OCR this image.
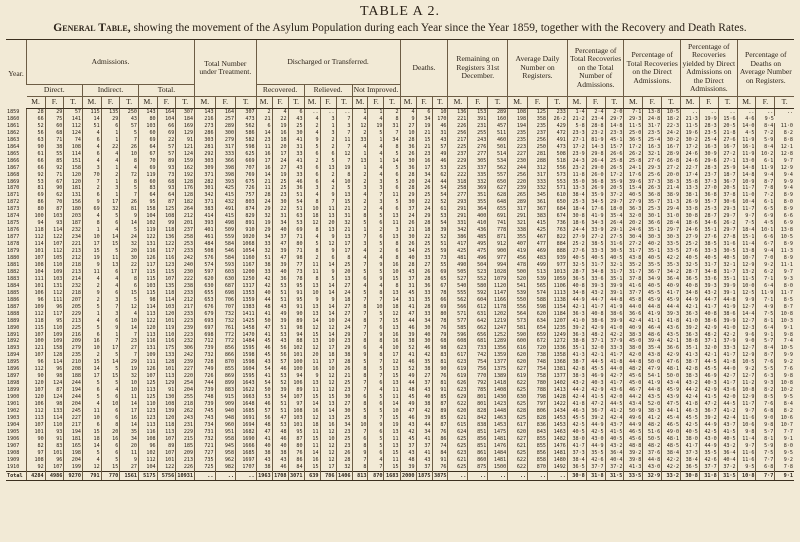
TABLE A 2.
General Table, showing the movement of the Asylum Population during each Year since the Year 1859, together with the Recovery and Death Rates.
Year.	Admissions.									Total Number under Treatment.			Discharged or Transferred.									Deaths.			Remaining on Registers 31st December.			Average Daily Number on Registers.			Percentage of Total Recoveries on the Total Number of Admissions.			Percentage of Total Recoveries on the Direct Admissions.			Percentage of Recoveries yielded by Direct Admissions on the Direct Admissions.			Percentage of Deaths on Average Number on Registers.		
	Direct.			Indirect.			Total.						Recovered.			Relieved.			Not Improved.																							

	M.	F.	T.	M.	F.	T.	M.	F.	T.	M.	F.	T.	M.	F.	T.	M.	F.	T.	M.	F.	T.	M.	F.	T.	M.	F.	T.	M.	F.	T.	M.	F.	T.	M.	F.	T.	M.	F.	T.	M.	F.	T.
1859	28	29	57	115	135	250	143	164	307	143	164	307	2	4	6	..	..	..	1	1	2	4	6	10	136	153	289	108	125	233	1·4	2·4	2·0	7·1	13·8	10·5	..	..	..	..	..	..
1860	66	75	141	14	29	43	80	104	184	216	257	473	21	22	43	4	3	7	4	4	8	9	34	170	221	391	160	198	358	26·2	21·2	23·4	29·7	29·3	24·8	18·2	21·3	19·9	15·6	4·6	9·5	
1861	52	60	112	51	6	57	103	66	169	273	289	562	6	19	25	2	1	3	12	19	31	27	19	46	226	231	457	194	235	429	5·8	28·8	14·8	11·5	31·7	22·3	11·5	28·3	20·5	14·0	8·4	11·0
1862	56	68	124	4	1	5	60	69	129	286	300	586	14	16	30	4	3	7	2	5	7	10	21	31	256	255	511	235	237	472	23·3	23·2	23·3	25·0	23·5	24·2	19·6	23·5	21·8	4·5	7·2	8·2
1863	63	71	74	6	1	7	69	22	91	303	279	582	23	18	41	9	2	11	33	1	34	28	15	43	217	243	460	235	256	491	27·1	81·9	45·1	36·5	25·4	30·2	30·2	25·4	27·6	11·9	5·9	8·8
1864	90	38	108	4	22	26	64	57	121	281	317	598	11	20	31	5	2	7	4	4	8	36	21	57	225	276	501	223	250	473	17·2	14·3	15·7	17·2	16·3	16·7	17·2	16·3	16·7	16·1	8·4	12·1
1865	61	55	114	6	4	10	67	57	124	292	333	625	16	17	33	6	6	12	1	4	5	26	23	49	237	277	514	227	281	508	23·9	29·8	26·6	26·2	32·1	28·9	24·6	30·9	27·2	11·9	10·2	12·8
1866	66	85	151	4	4	8	70	89	159	303	366	669	17	24	41	2	5	7	13	1	14	30	16	46	229	305	534	230	288	518	24·3	26·4	25·8	25·8	27·6	26·8	24·6	29·6	27·1	13·0	6·1	9·7
1867	66	92	158	3	1	4	69	93	162	309	398	707	16	27	43	6	13	19	1	4	5	36	17	53	225	337	562	244	312	556	23·2	29·0	26·5	24·1	29·3	27·2	22·7	28·3	25·9	14·8	11·9	12·9
1868	92	71	120	70	2	72	119	73	192	371	398	769	14	19	33	6	2	8	2	4	6	28	34	62	222	335	557	256	317	573	11·8	26·0	17·2	17·6	25·6	20·0	17·4	23·7	18·7	14·8	9·4	9·4
1869	53	67	120	7	1	8	60	68	128	282	393	675	21	25	46	6	4	10	2	3	5	20	24	44	318	332	650	220	333	553	35·0	36·8	35·9	39·6	37·3	38·3	35·8	37·3	36·7	10·9	8·7	9·9
1870	81	90	181	2	3	5	83	93	176	301	425	726	11	25	36	3	2	5	3	3	6	28	26	54	258	369	627	239	332	571	13·3	26·9	20·5	15·4	26·3	21·4	13·3	27·0	20·5	11·7	7·8	9·4
1871	69	62	131	6	1	7	64	64	128	342	415	757	28	23	51	4	9	13	4	7	11	29	25	54	277	351	628	265	345	610	38·4	35·9	37·2	40·5	36·8	38·9	38·1	36·8	37·8	11·0	7·2	8·9
1872	86	70	156	9	17	26	95	87	182	371	432	803	24	30	54	8	7	15	2	3	5	30	22	52	293	355	648	289	361	650	25·3	34·5	29·7	27·9	35·7	31·3	26·9	35·7	30·6	10·4	6·1	8·0
1873	80	87	180	69	32	81	158	125	264	383	491	874	29	22	51	10	11	21	2	4	6	37	24	61	291	364	655	317	367	684	18·4	17·6	18·0	36·3	25·3	29·4	33·8	25·3	29·3	11·7	6·5	8·9
1874	100	103	203	4	5	9	104	108	212	414	415	829	32	31	63	18	13	31	8	5	13	24	29	53	291	400	691	291	383	674	30·8	41·9	35·4	32·0	30·1	31·0	30·8	28·7	29·7	9·7	6·9	6·6
1875	94	93	187	8	6	14	102	99	201	393	498	891	19	34	53	12	20	32	5	6	11	26	28	54	331	410	741	321	415	736	18·6	34·3	26·4	20·2	36·6	28·4	18·6	34·6	26·2	7·5	4·5	6·9
1876	118	114	232	1	4	5	119	118	237	401	509	910	29	40	69	8	13	21	1	2	3	21	18	39	342	436	778	338	425	763	24·4	33·9	29·1	24·6	35·1	29·7	24·6	35·1	29·7	18·4	10·1	13·8
1877	112	122	234	10	14	24	122	136	258	461	559	1020	34	37	71	4	9	13	7	6	13	30	22	52	386	485	871	355	467	822	27·9	27·2	27·5	30·4	30·3	30·3	27·9	27·6	27·8	15·1	6·6	10·5
1878	114	107	221	17	15	32	131	122	253	484	584	1068	33	47	80	5	12	17	3	5	8	26	25	51	417	495	912	407	477	884	25·2	38·5	31·6	27·2	40·2	33·5	25·2	38·5	31·6	11·4	6·7	8·9
1879	101	112	213	15	5	20	116	117	233	508	546	1054	32	39	71	8	9	17	4	2	6	34	25	59	425	475	900	419	469	888	27·6	33·3	30·5	31·7	35·1	33·5	27·6	33·3	30·5	13·8	9·4	11·3
1880	107	105	212	19	11	30	126	116	242	576	584	1160	51	47	98	2	6	8	4	4	8	40	33	73	481	496	977	456	483	939	40·5	40·5	40·5	43·8	40·5	42·2	40·5	40·5	40·5	10·7	7·0	8·9
1881	108	110	218	9	13	22	117	123	240	574	593	1167	38	39	77	11	14	25	7	9	16	28	27	55	490	504	994	478	499	977	32·5	31·7	32·1	35·2	35·5	35·3	32·5	31·7	32·1	12·9	9·2	11·1
1882	104	109	213	11	6	17	115	115	230	597	603	1200	33	40	73	11	9	20	5	5	10	43	26	69	505	523	1028	500	513	1013	28·7	34·8	31·7	31·7	36·7	34·2	28·7	34·8	31·7	13·2	6·2	9·7
1883	111	103	214	4	4	8	115	107	222	620	630	1250	42	36	78	8	5	13	6	9	15	37	28	65	527	552	1079	520	539	1059	36·5	33·6	35·1	37·8	34·9	36·4	36·5	33·6	35·1	11·5	7·1	9·3
1884	101	131	232	2	4	6	103	135	238	630	687	1317	42	53	95	13	14	27	4	4	8	31	36	67	540	580	1120	541	565	1106	40·8	39·3	39·9	41·6	40·5	40·9	40·8	39·3	39·9	10·0	6·4	8·0
1885	106	112	218	9	6	15	115	118	233	655	698	1353	40	51	91	10	14	24	5	8	13	45	33	78	555	592	1147	539	574	1113	34·8	43·2	39·1	37·7	45·5	41·7	34·8	43·2	39·1	12·5	11·9	11·7
1886	96	111	207	2	3	5	98	114	212	653	706	1359	44	51	95	9	9	18	7	7	14	31	35	66	562	604	1166	550	588	1138	44·9	44·7	44·8	45·8	45·9	45·9	44·9	44·7	44·8	9·9	7·1	8·5
1887	109	96	205	5	7	12	114	103	217	676	707	1383	48	43	91	13	14	27	8	10	18	41	28	69	566	612	1178	556	598	1154	42·1	41·7	41·9	44·0	44·8	44·4	42·1	41·7	41·9	12·7	4·9	8·7
1888	112	117	229	1	3	4	113	120	233	679	732	1411	41	49	90	13	14	27	7	5	12	47	33	80	571	631	1202	564	620	1184	36·3	40·8	38·6	36·6	41·9	39·3	36·3	40·8	38·6	14·4	7·5	10·8
1889	118	95	213	4	6	10	122	101	223	693	732	1425	50	39	89	14	10	24	8	7	15	44	34	78	577	642	1219	573	634	1207	41·0	38·6	39·9	42·4	41·1	41·8	41·0	38·6	39·9	12·7	8·1	10·3
1890	115	110	225	5	9	14	120	119	239	697	761	1458	47	51	98	12	12	24	7	6	13	46	30	76	585	662	1247	581	654	1235	39·2	42·9	41·0	40·9	46·4	43·6	39·2	42·9	41·0	12·3	6·4	9·1
1891	107	109	216	6	1	7	113	110	223	698	772	1470	41	53	94	15	14	29	7	9	16	39	40	79	596	656	1252	590	659	1249	36·3	48·2	42·2	38·3	48·6	43·5	36·3	48·2	42·2	9·6	9·1	9·8
1892	100	109	209	16	7	23	116	116	232	712	772	1484	45	43	88	13	10	23	8	8	16	38	30	68	608	681	1289	600	672	1272	38·8	37·1	37·9	45·0	39·4	42·1	38·8	37·1	37·9	9·0	5·7	7·4
1893	121	158	279	10	17	27	131	175	306	739	856	1595	46	56	102	12	17	29	6	4	10	52	46	98	623	733	1356	616	720	1336	35·1	32·0	33·3	38·0	35·4	36·6	35·1	32·0	33·3	12·7	8·4	10·5
1894	107	128	235	2	5	7	109	133	242	732	866	1598	45	56	101	20	18	38	9	8	17	41	42	83	617	742	1359	620	738	1358	41·3	42·1	41·7	42·0	43·8	42·9	41·3	42·1	41·7	12·9	8·7	9·9
1895	96	114	210	15	14	29	111	128	239	728	870	1598	43	57	100	11	17	28	5	7	12	46	35	81	623	754	1377	620	748	1368	38·7	44·5	41·8	44·8	50·0	47·6	38·7	44·5	41·8	10·5	7·6	9·2
1896	112	96	208	14	5	19	126	101	227	749	855	1604	54	46	100	16	10	26	8	5	13	52	38	90	619	756	1375	627	754	1381	42·8	45·5	44·0	48·2	47·9	48·1	42·8	45·5	44·0	9·2	5·5	7·6
1897	90	98	188	17	15	32	107	113	220	726	869	1595	41	53	94	9	12	21	8	7	15	49	27	76	619	770	1389	619	758	1377	38·3	46·9	42·7	45·6	54·1	50·0	38·3	46·9	42·7	12·7	6·3	9·8
1898	120	124	244	5	5	10	125	129	254	744	899	1643	54	52	106	13	12	25	7	6	13	44	37	81	626	792	1418	622	780	1402	43·2	40·3	41·7	45·0	41·9	43·4	43·2	40·3	41·7	11·2	9·3	10·8
1899	107	87	194	6	4	10	113	91	204	739	883	1622	50	39	89	11	12	23	7	4	11	48	43	91	623	785	1408	625	788	1413	44·2	42·9	43·6	46·7	44·8	45·9	44·2	42·9	43·6	10·8	8·2	10·2
1900	120	124	244	5	6	11	125	130	255	748	915	1663	53	54	107	15	15	30	6	5	11	45	40	85	629	801	1430	630	798	1428	42·4	41·5	42·0	44·2	43·5	43·9	42·4	41·5	42·0	12·9	8·5	9·5
1901	106	98	204	4	10	14	110	108	218	739	909	1648	46	51	97	14	13	27	8	6	14	49	38	87	622	801	1423	625	797	1422	41·8	47·2	44·5	43·4	52·0	47·5	41·8	47·2	44·5	11·7	7·6	8·4
1902	112	133	245	11	6	17	123	139	262	745	940	1685	57	51	108	16	14	30	5	5	10	47	42	89	620	828	1448	628	806	1434	46·3	36·7	41·2	50·9	38·3	44·1	46·3	36·7	41·2	9·7	6·8	8·2
1903	113	114	227	10	6	16	123	120	243	743	948	1691	56	47	103	12	13	25	8	7	15	46	39	85	621	842	1463	625	828	1453	45·5	39·2	42·4	49·6	41·2	45·4	45·5	39·2	42·4	11·6	9·0	10·6
1904	107	110	217	6	8	14	113	118	231	734	960	1694	48	53	101	18	16	34	10	9	19	43	44	87	615	838	1453	617	836	1453	42·5	44·9	43·7	44·9	48·2	46·5	42·5	44·9	43·7	10·6	9·8	10·7
1905	101	93	194	15	20	35	116	113	229	731	951	1682	47	48	95	11	12	23	7	6	13	42	34	76	624	851	1475	620	843	1463	40·5	42·5	41·5	46·5	51·6	49·0	40·5	42·5	41·5	9·8	5·7	7·7
1906	90	91	181	18	16	34	108	107	215	732	958	1690	41	46	87	15	10	25	6	5	11	45	41	86	625	856	1481	627	855	1482	38·0	43·0	40·5	45·6	50·5	48·1	38·0	43·0	40·5	11·4	8·1	9·1
1907	82	83	165	14	6	20	96	89	185	721	945	1666	40	40	80	11	12	23	8	5	13	37	37	74	625	851	1476	621	855	1476	41·7	44·9	43·2	48·8	48·2	48·5	41·7	44·9	43·2	9·7	5·9	8·0
1908	97	101	198	5	6	11	102	107	209	727	958	1685	38	38	76	14	12	26	9	6	15	43	41	84	623	861	1484	625	856	1481	37·3	35·5	36·4	39·2	37·6	38·4	37·3	35·5	36·4	11·6	7·5	9·5
1909	108	96	204	4	5	9	112	101	213	735	962	1697	43	43	86	16	12	28	7	4	11	48	43	91	621	860	1481	622	858	1480	38·4	42·6	40·4	39·8	44·8	42·2	38·4	42·6	40·4	11·6	7·7	9·2
1910	92	107	199	12	15	27	104	122	226	725	982	1707	38	46	84	15	17	32	8	7	15	39	37	76	625	875	1500	622	870	1492	36·5	37·7	37·2	41·3	43·0	42·2	36·5	37·7	37·2	9·5	6·8	7·8
Total	4284	4986	9270	791	770	1561	5175	5756	10931	..	..	..	1963	1708	3071	639	786	1406	813	870	1683	2000	1875	3875	..	..	..	..	..	..	30·8	31·8	31·5	33·5	32·9	33·2	30·8	31·8	31·5	10·8	7·7	9·1
